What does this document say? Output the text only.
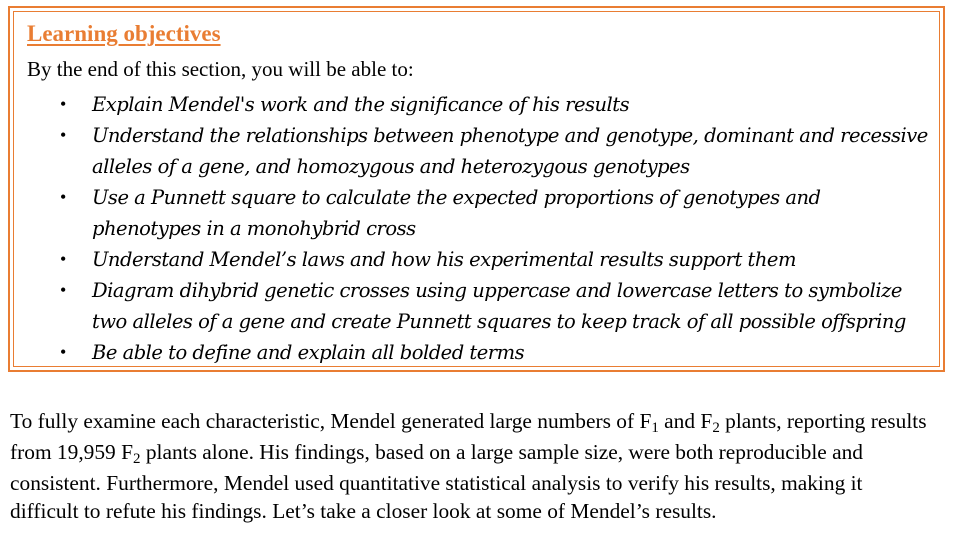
Learning objectives

By the end of this section, you will be able to:

• Explain Mendel's work and the significance of his results
• Understand the relationships between phenotype and genotype, dominant and recessive alleles of a gene, and homozygous and heterozygous genotypes
• Use a Punnett square to calculate the expected proportions of genotypes and phenotypes in a monohybrid cross
• Understand Mendel’s laws and how his experimental results support them
• Diagram dihybrid genetic crosses using uppercase and lowercase letters to symbolize two alleles of a gene and create Punnett squares to keep track of all possible offspring
• Be able to define and explain all bolded terms

To fully examine each characteristic, Mendel generated large numbers of $F_1$ and $F_2$ plants, reporting results from 19,959 $F_2$ plants alone. His findings, based on a large sample size, were both reproducible and consistent. Furthermore, Mendel used quantitative statistical analysis to verify his results, making it difficult to refute his findings. Let’s take a closer look at some of Mendel’s results.
